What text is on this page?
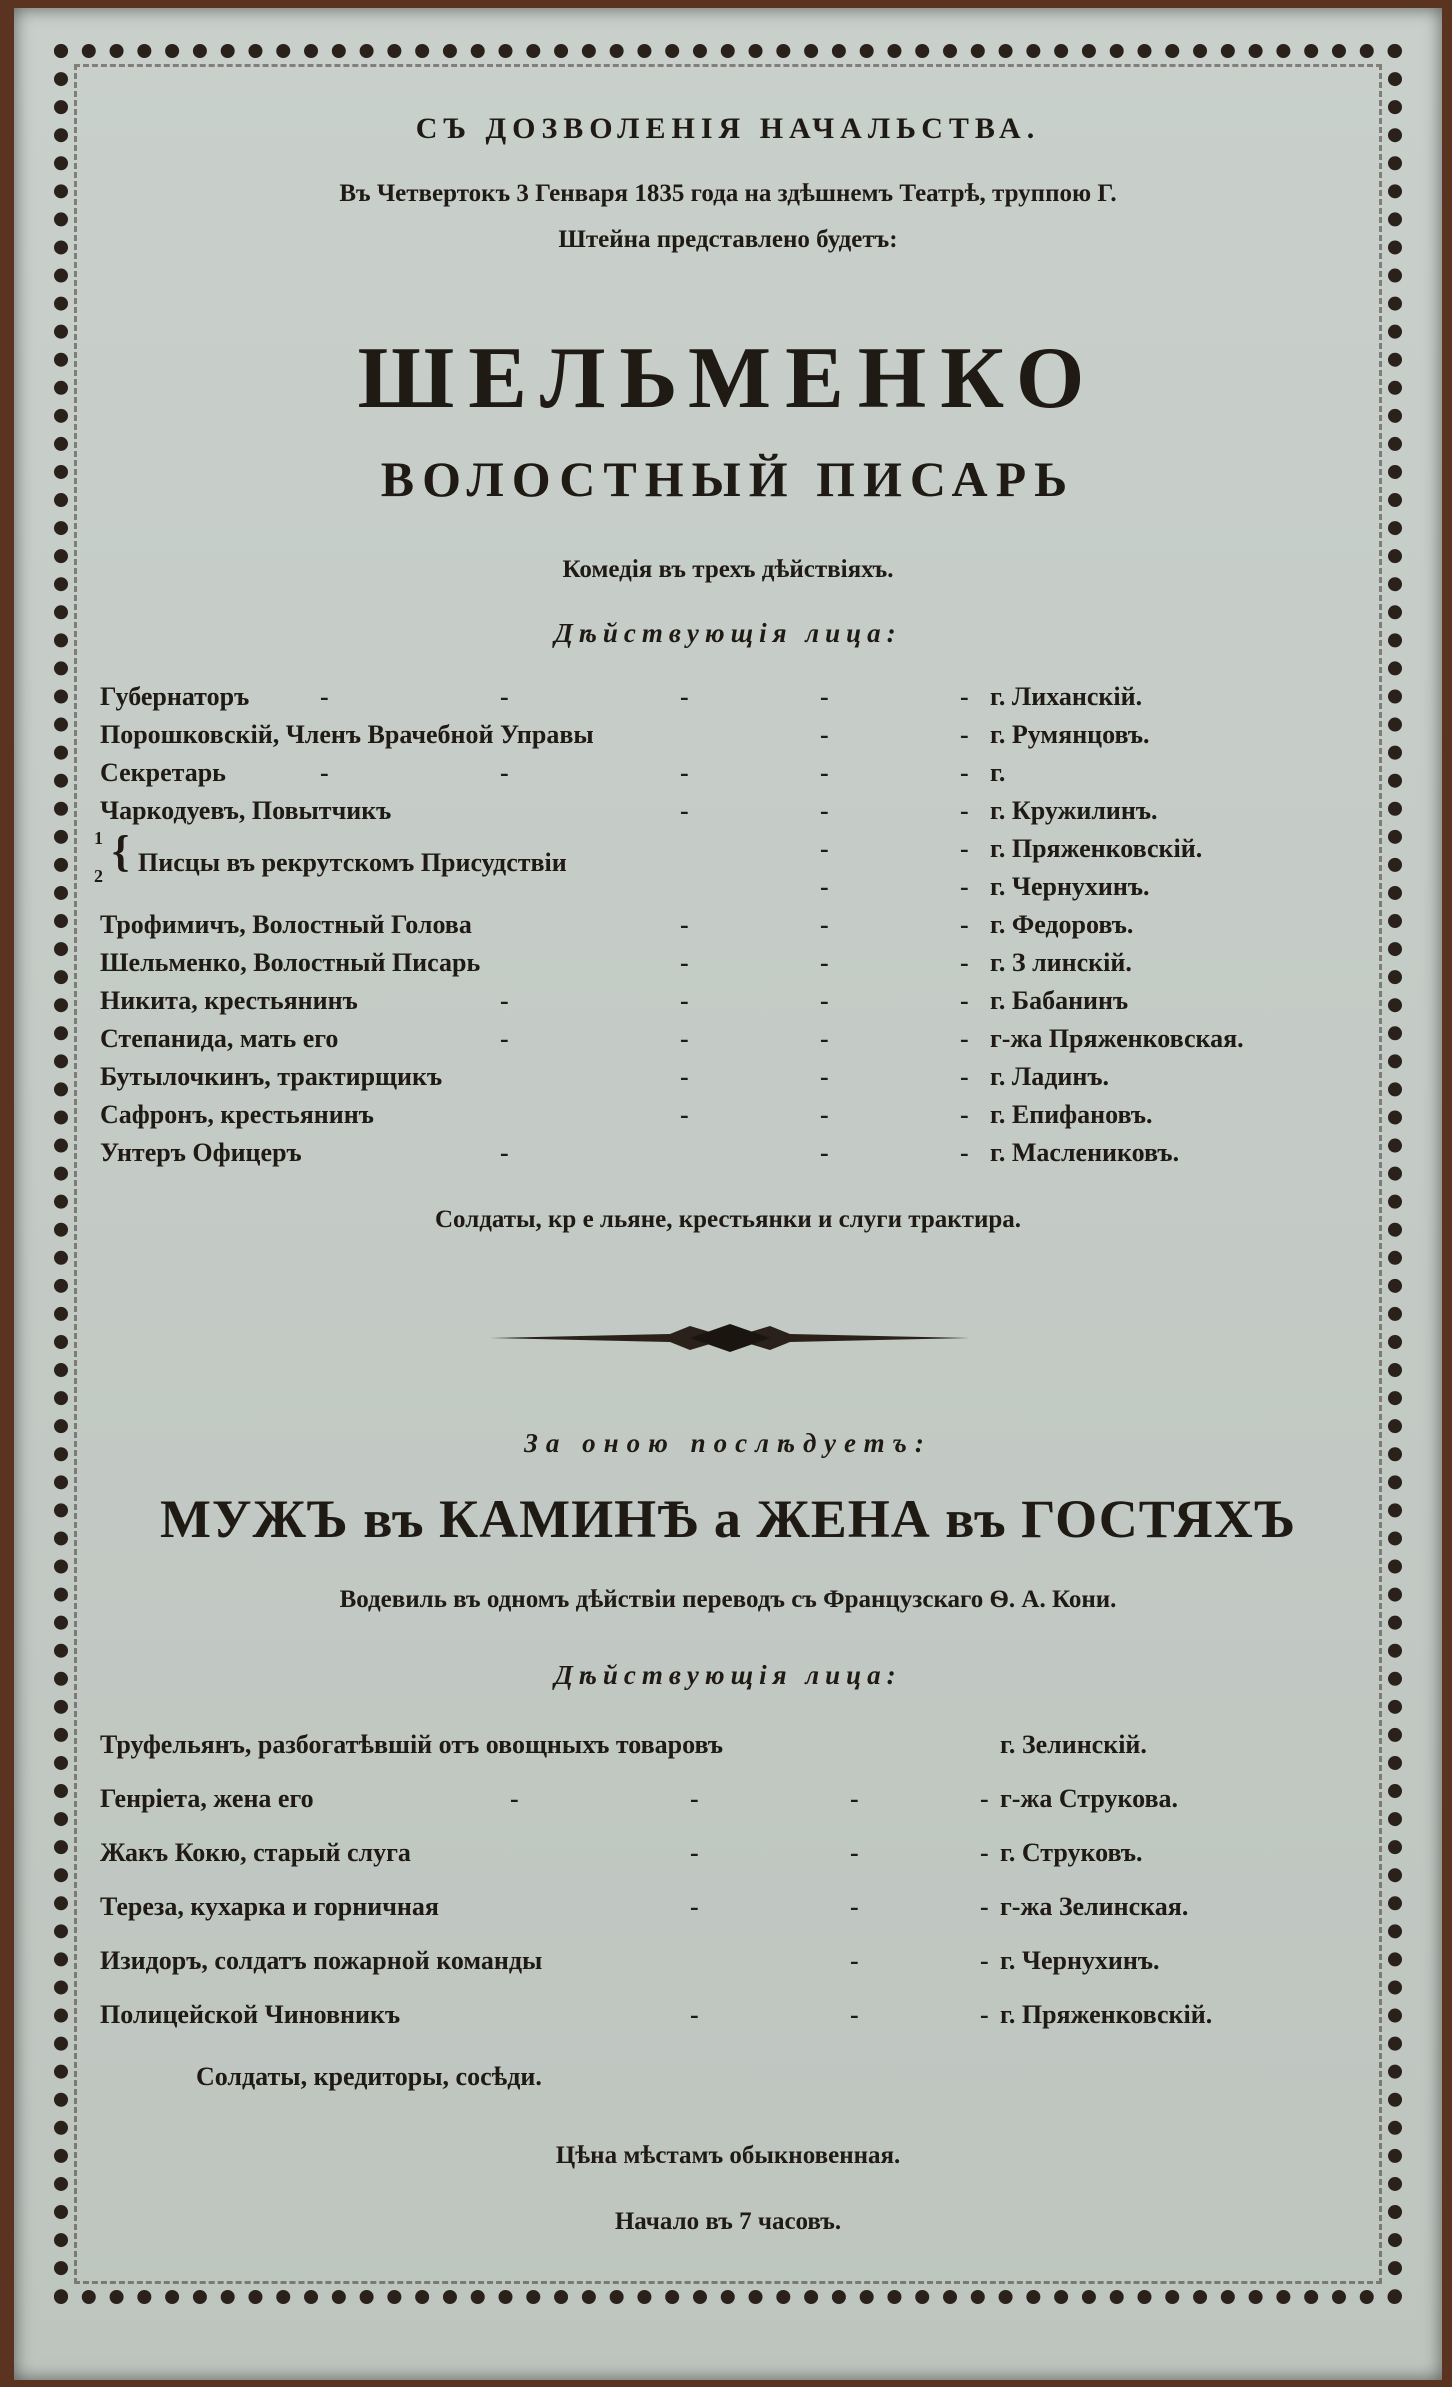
СЪ ДОЗВОЛЕНІЯ НАЧАЛЬСТВА.
Въ Четвертокъ 3 Генваря 1835 года на здѣшнемъ Театрѣ, труппою Г.
Штейна представлено будетъ:
ШЕЛЬМЕНКО
ВОЛОСТНЫЙ ПИСАРЬ
Комедія въ трехъ дѣйствіяхъ.
Дѣйствующія лица:
Губернаторъ	-	-	-	-	- г. Лиханскій.
Порошковскій, Членъ Врачебной Управы	-	- г. Румянцовъ.
Секретарь	-	-	-	-	- г.
Чаркодуевъ, Повытчикъ	-	-	- г. Кружилинъ.
1
2 { Писцы въ рекрутскомъ Присудствіи	-	- г. Пряженковскій.
-	- г. Чернухинъ.
Трофимичъ, Волостный Голова	-	-	- г. Федоровъ.
Шельменко, Волостный Писарь	-	-	- г. З линскій.
Никита, крестьянинъ	-	-	-	- г. Бабанинъ
Степанида, мать его	-	-	-	- г-жа Пряженковская.
Бутылочкинъ, трактирщикъ	-	-	- г. Ладинъ.
Сафронъ, крестьянинъ	-	-	- г. Епифановъ.
Унтеръ Офицеръ	-	-	- г. Маслениковъ.
Солдаты, кр е льяне, крестьянки и слуги трактира.
За оною послѣдуетъ:
МУЖЪ въ КАМИНѢ а ЖЕНА въ ГОСТЯХЪ
Водевиль въ одномъ дѣйствіи переводъ съ Французскаго Ѳ. А. Кони.
Дѣйствующія лица:
Труфельянъ, разбогатѣвшій отъ овощныхъ товаровъ	г. Зелинскій.
Генріета, жена его	-	-	-	- г-жа Струкова.
Жакъ Кокю, старый слуга	-	-	- г. Струковъ.
Тереза, кухарка и горничная	-	-	- г-жа Зелинская.
Изидоръ, солдатъ пожарной команды	-	- г. Чернухинъ.
Полицейской Чиновникъ	-	-	- г. Пряженковскій.
Солдаты, кредиторы, сосѣди.
Цѣна мѣстамъ обыкновенная.
Начало въ 7 часовъ.
